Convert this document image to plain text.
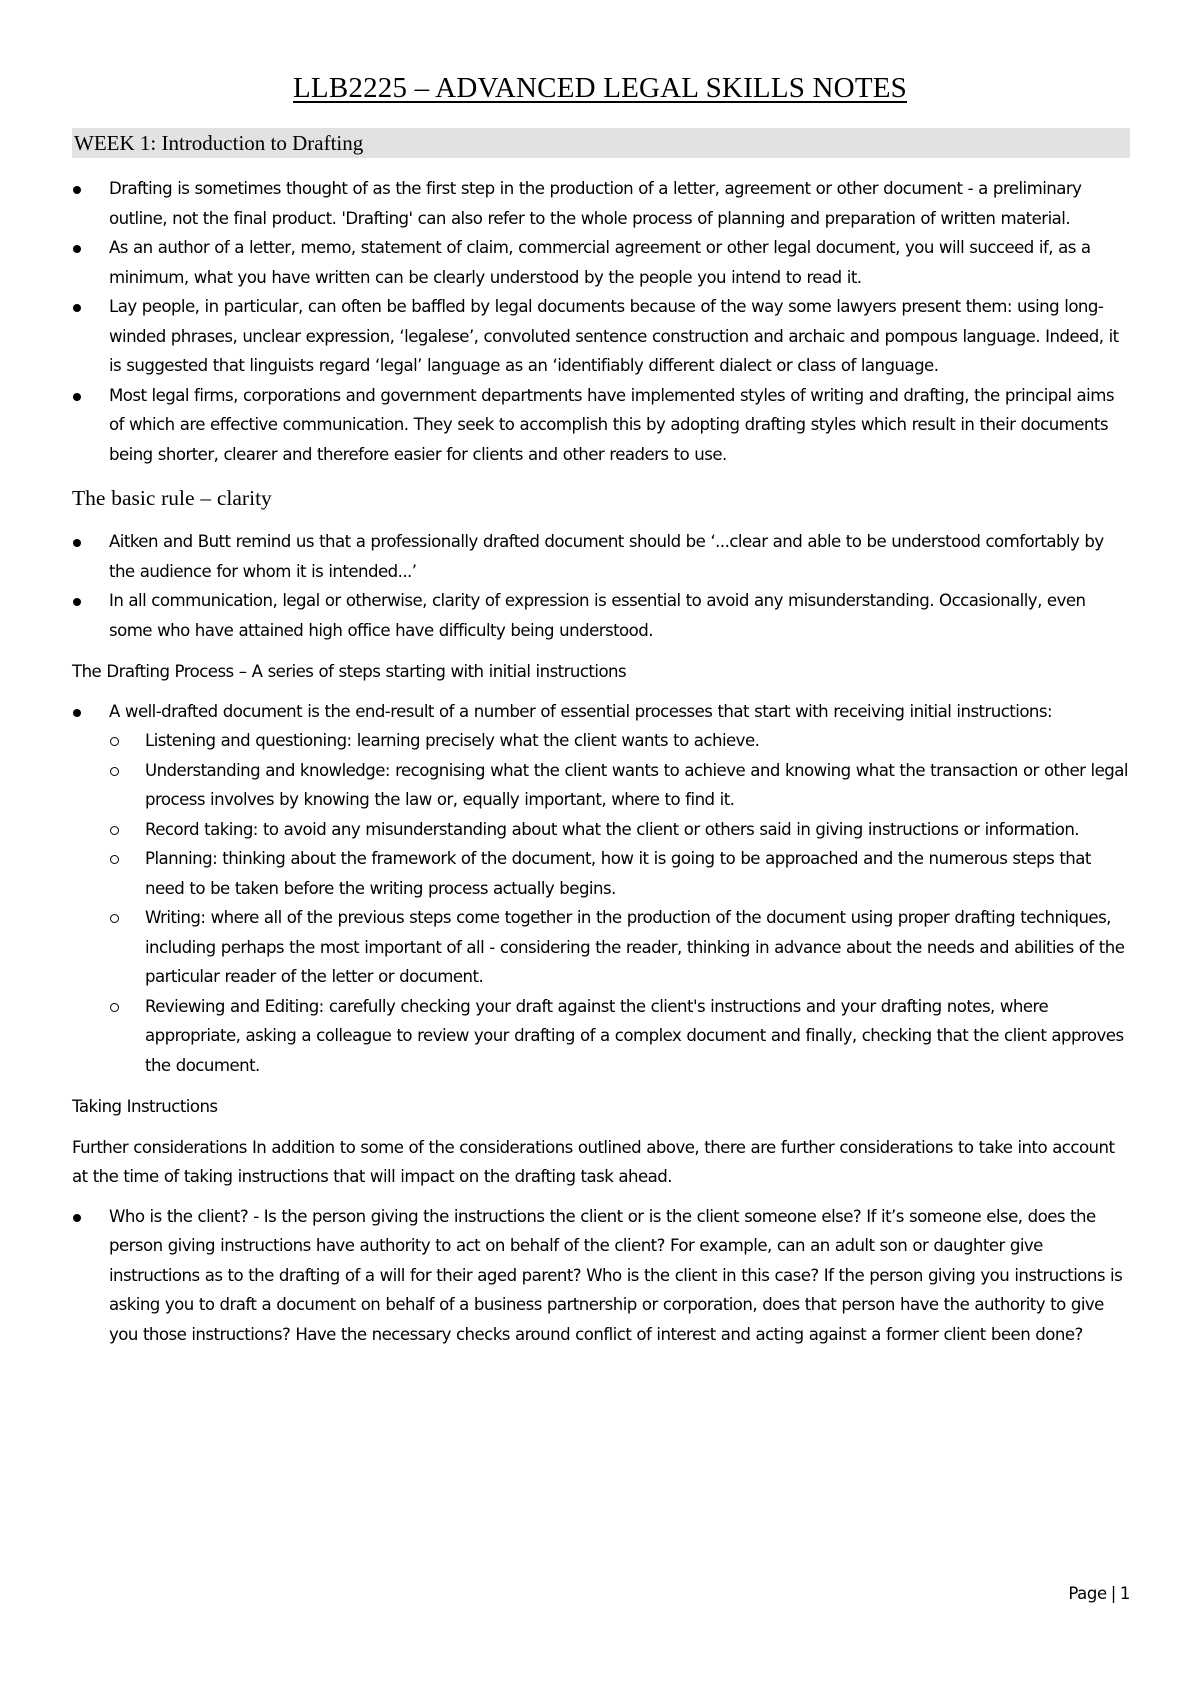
LLB2225 – ADVANCED LEGAL SKILLS NOTES
WEEK 1: Introduction to Drafting
Drafting is sometimes thought of as the first step in the production of a letter, agreement or other document - a preliminary outline, not the final product. 'Drafting' can also refer to the whole process of planning and preparation of written material.
As an author of a letter, memo, statement of claim, commercial agreement or other legal document, you will succeed if, as a minimum, what you have written can be clearly understood by the people you intend to read it.
Lay people, in particular, can often be baffled by legal documents because of the way some lawyers present them: using long-winded phrases, unclear expression, ‘legalese’, convoluted sentence construction and archaic and pompous language. Indeed, it is suggested that linguists regard ‘legal’ language as an ‘identifiably different dialect or class of language.
Most legal firms, corporations and government departments have implemented styles of writing and drafting, the principal aims of which are effective communication. They seek to accomplish this by adopting drafting styles which result in their documents being shorter, clearer and therefore easier for clients and other readers to use.
The basic rule – clarity
Aitken and Butt remind us that a professionally drafted document should be ‘...clear and able to be understood comfortably by the audience for whom it is intended...’
In all communication, legal or otherwise, clarity of expression is essential to avoid any misunderstanding. Occasionally, even some who have attained high office have difficulty being understood.
The Drafting Process – A series of steps starting with initial instructions
A well-drafted document is the end-result of a number of essential processes that start with receiving initial instructions:
Listening and questioning: learning precisely what the client wants to achieve.
Understanding and knowledge: recognising what the client wants to achieve and knowing what the transaction or other legal process involves by knowing the law or, equally important, where to find it.
Record taking: to avoid any misunderstanding about what the client or others said in giving instructions or information.
Planning: thinking about the framework of the document, how it is going to be approached and the numerous steps that need to be taken before the writing process actually begins.
Writing: where all of the previous steps come together in the production of the document using proper drafting techniques, including perhaps the most important of all - considering the reader, thinking in advance about the needs and abilities of the particular reader of the letter or document.
Reviewing and Editing: carefully checking your draft against the client's instructions and your drafting notes, where appropriate, asking a colleague to review your drafting of a complex document and finally, checking that the client approves the document.
Taking Instructions
Further considerations In addition to some of the considerations outlined above, there are further considerations to take into account at the time of taking instructions that will impact on the drafting task ahead.
Who is the client? - Is the person giving the instructions the client or is the client someone else? If it’s someone else, does the person giving instructions have authority to act on behalf of the client? For example, can an adult son or daughter give instructions as to the drafting of a will for their aged parent? Who is the client in this case? If the person giving you instructions is asking you to draft a document on behalf of a business partnership or corporation, does that person have the authority to give you those instructions? Have the necessary checks around conflict of interest and acting against a former client been done?
Page | 1
